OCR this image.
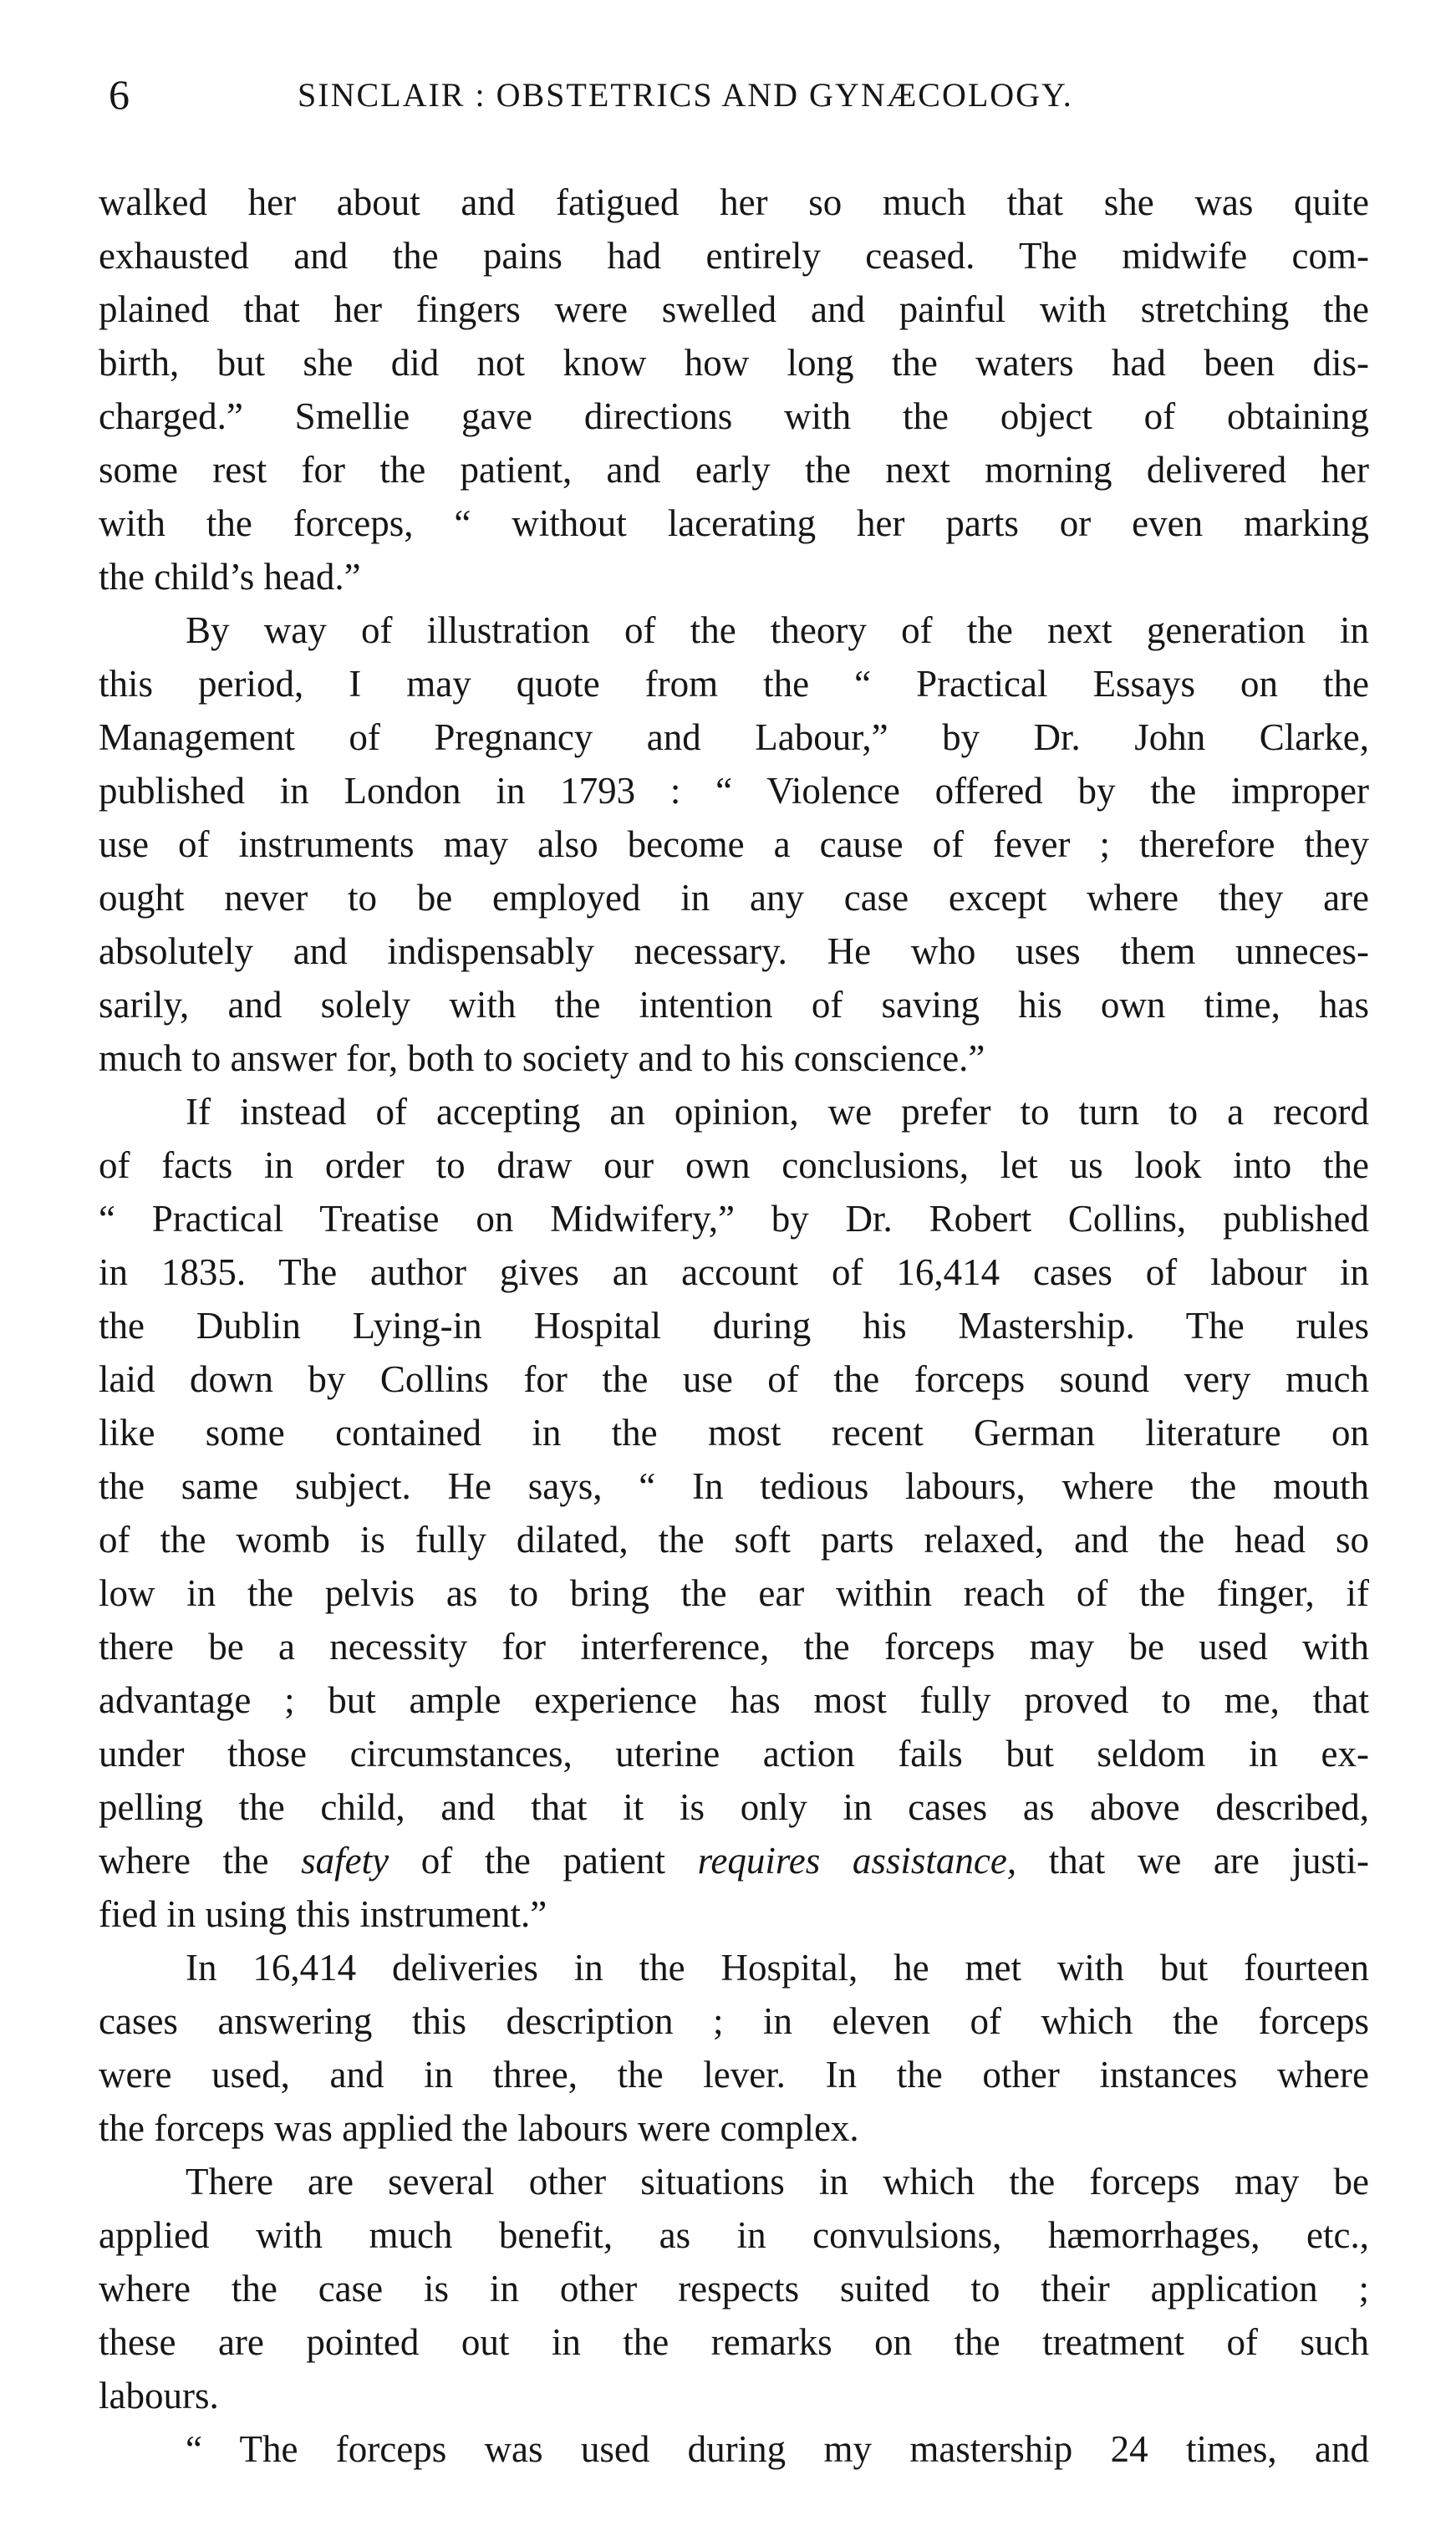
6	SINCLAIR : OBSTETRICS AND GYNÆCOLOGY.
walked her about and fatigued her so much that she was quite
exhausted and the pains had entirely ceased. The midwife com-
plained that her fingers were swelled and painful with stretching the
birth, but she did not know how long the waters had been dis-
charged.” Smellie gave directions with the object of obtaining
some rest for the patient, and early the next morning delivered her
with the forceps, “ without lacerating her parts or even marking
the child’s head.”
By way of illustration of the theory of the next generation in
this period, I may quote from the “ Practical Essays on the
Management of Pregnancy and Labour,” by Dr. John Clarke,
published in London in 1793 : “ Violence offered by the improper
use of instruments may also become a cause of fever ; therefore they
ought never to be employed in any case except where they are
absolutely and indispensably necessary. He who uses them unneces-
sarily, and solely with the intention of saving his own time, has
much to answer for, both to society and to his conscience.”
If instead of accepting an opinion, we prefer to turn to a record
of facts in order to draw our own conclusions, let us look into the
“ Practical Treatise on Midwifery,” by Dr. Robert Collins, published
in 1835. The author gives an account of 16,414 cases of labour in
the Dublin Lying-in Hospital during his Mastership. The rules
laid down by Collins for the use of the forceps sound very much
like some contained in the most recent German literature on
the same subject. He says, “ In tedious labours, where the mouth
of the womb is fully dilated, the soft parts relaxed, and the head so
low in the pelvis as to bring the ear within reach of the finger, if
there be a necessity for interference, the forceps may be used with
advantage ; but ample experience has most fully proved to me, that
under those circumstances, uterine action fails but seldom in ex-
pelling the child, and that it is only in cases as above described,
where the safety of the patient requires assistance, that we are justi-
fied in using this instrument.”
In 16,414 deliveries in the Hospital, he met with but fourteen
cases answering this description ; in eleven of which the forceps
were used, and in three, the lever. In the other instances where
the forceps was applied the labours were complex.
There are several other situations in which the forceps may be
applied with much benefit, as in convulsions, hæmorrhages, etc.,
where the case is in other respects suited to their application ;
these are pointed out in the remarks on the treatment of such
labours.
“ The forceps was used during my mastership 24 times, and
